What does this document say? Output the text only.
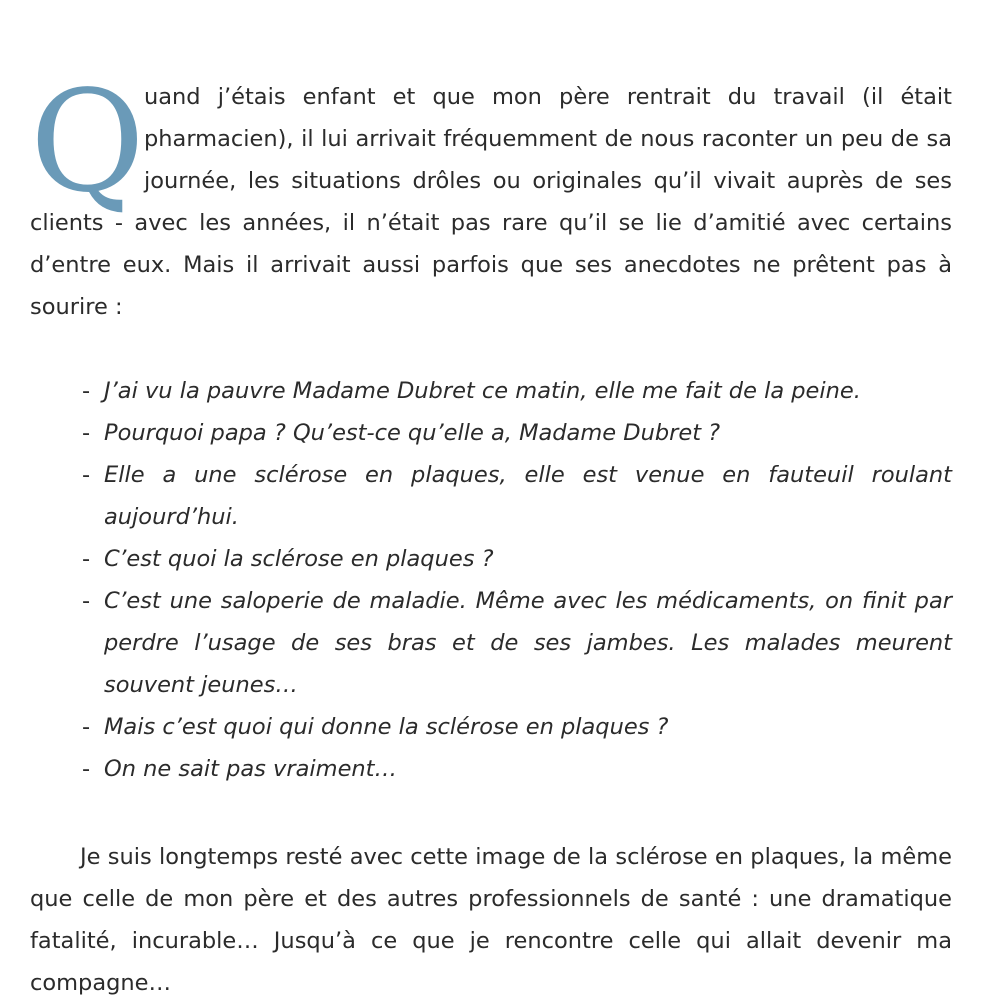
Quand j’étais enfant et que mon père rentrait du travail (il était pharmacien), il lui arrivait fréquemment de nous raconter un peu de sa journée, les situations drôles ou originales qu’il vivait auprès de ses clients - avec les années, il n’était pas rare qu’il se lie d’amitié avec certains d’entre eux. Mais il arrivait aussi parfois que ses anecdotes ne prêtent pas à sourire :

- J’ai vu la pauvre Madame Dubret ce matin, elle me fait de la peine.
- Pourquoi papa ? Qu’est-ce qu’elle a, Madame Dubret ?
- Elle a une sclérose en plaques, elle est venue en fauteuil roulant aujourd’hui.
- C’est quoi la sclérose en plaques ?
- C’est une saloperie de maladie. Même avec les médicaments, on finit par perdre l’usage de ses bras et de ses jambes. Les malades meurent souvent jeunes…
- Mais c’est quoi qui donne la sclérose en plaques ?
- On ne sait pas vraiment…

Je suis longtemps resté avec cette image de la sclérose en plaques, la même que celle de mon père et des autres professionnels de santé : une dramatique fatalité, incurable… Jusqu’à ce que je rencontre celle qui allait devenir ma compagne…
